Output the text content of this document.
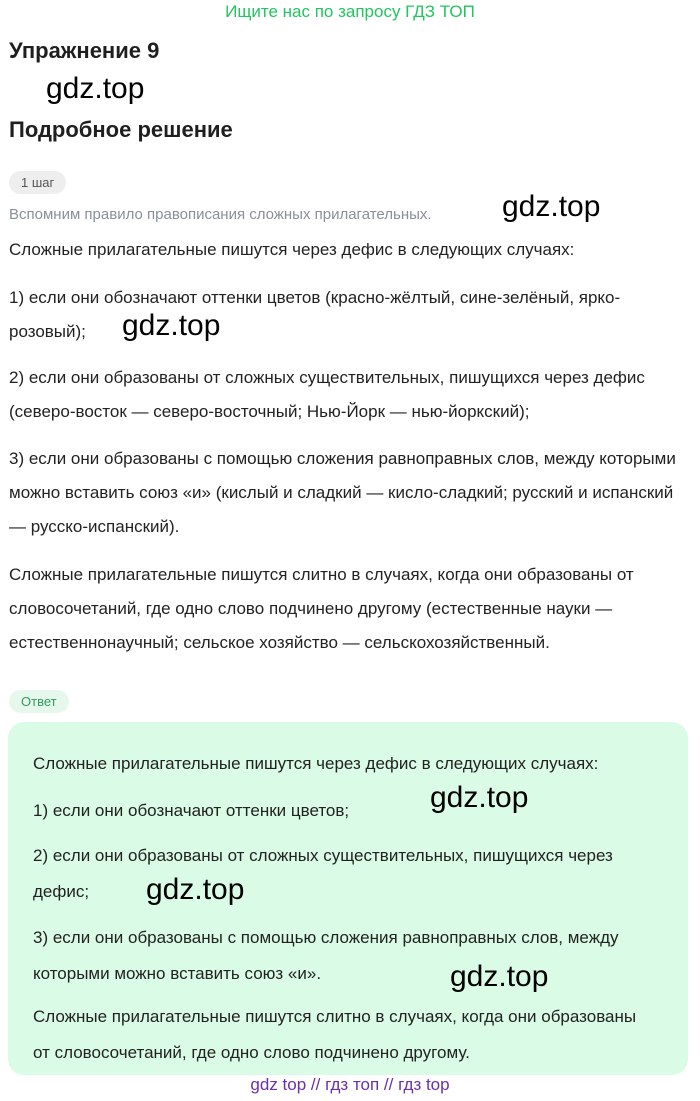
Ищите нас по запросу ГДЗ ТОП
Упражнение 9
gdz.top
Подробное решение
1 шаг
Вспомним правило правописания сложных прилагательных. gdz.top
Сложные прилагательные пишутся через дефис в следующих случаях:
1) если они обозначают оттенки цветов (красно-жёлтый, сине-зелёный, ярко-розовый);	gdz.top
2) если они образованы от сложных существительных, пишущихся через дефис (северо-восток — северо-восточный; Нью-Йорк — нью-йоркский);
3) если они образованы с помощью сложения равноправных слов, между которыми можно вставить союз «и» (кислый и сладкий — кисло-сладкий; русский и испанский — русско-испанский).
Сложные прилагательные пишутся слитно в случаях, когда они образованы от словосочетаний, где одно слово подчинено другому (естественные науки — естественнонаучный; сельское хозяйство — сельскохозяйственный.
Ответ
Сложные прилагательные пишутся через дефис в следующих случаях:
1) если они обозначают оттенки цветов;	gdz.top
2) если они образованы от сложных существительных, пишущихся через дефис;	gdz.top
3) если они образованы с помощью сложения равноправных слов, между которыми можно вставить союз «и».	gdz.top
Сложные прилагательные пишутся слитно в случаях, когда они образованы от словосочетаний, где одно слово подчинено другому.
gdz top // гдз топ // гдз top
